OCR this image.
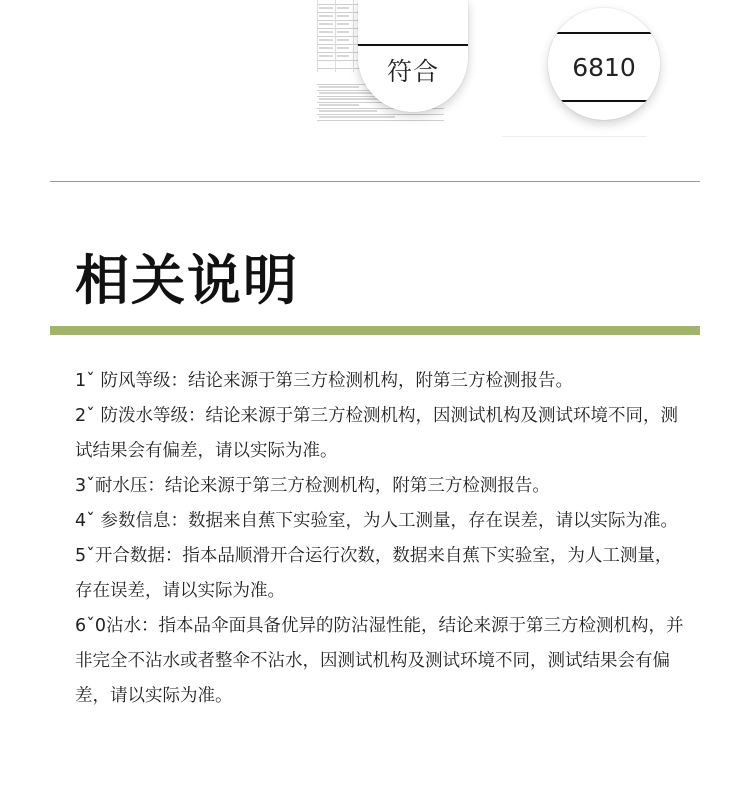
符合	6810
相关说明
1ˇ 防风等级：结论来源于第三方检测机构，附第三方检测报告。
2ˇ 防泼水等级：结论来源于第三方检测机构，因测试机构及测试环境不同，测试结果会有偏差，请以实际为准。
3ˇ耐水压：结论来源于第三方检测机构，附第三方检测报告。
4ˇ 参数信息：数据来自蕉下实验室，为人工测量，存在误差，请以实际为准。
5ˇ开合数据：指本品顺滑开合运行次数，数据来自蕉下实验室，为人工测量，存在误差，请以实际为准。
6ˇ0沾水：指本品伞面具备优异的防沾湿性能，结论来源于第三方检测机构，并非完全不沾水或者整伞不沾水，因测试机构及测试环境不同，测试结果会有偏差，请以实际为准。
